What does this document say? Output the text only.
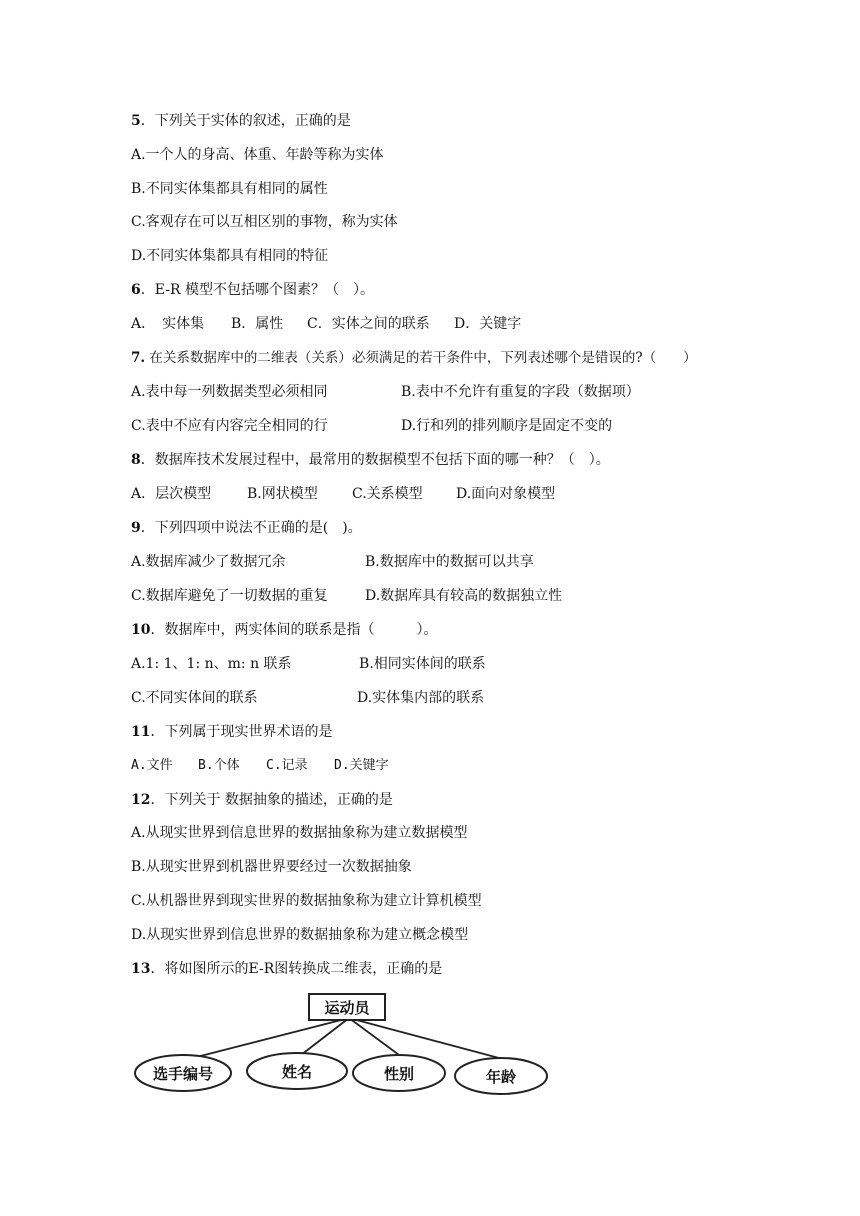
5．下列关于实体的叙述，正确的是
A.一个人的身高、体重、年龄等称为实体
B.不同实体集都具有相同的属性
C.客观存在可以互相区别的事物，称为实体
D.不同实体集都具有相同的特征
6．E-R 模型不包括哪个图素？（　）。
A．　实体集 B．属性 C．实体之间的联系 D．关键字
7. 在关系数据库中的二维表（关系）必须满足的若干条件中，下列表述哪个是错误的?（　　）
A.表中每一列数据类型必须相同	B.表中不允许有重复的字段（数据项）
C.表中不应有内容完全相同的行	D.行和列的排列顺序是固定不变的
8．数据库技术发展过程中，最常用的数据模型不包括下面的哪一种？（　）。
A．层次模型	B.网状模型 C.关系模型 D.面向对象模型
9．下列四项中说法不正确的是(　)。
A.数据库减少了数据冗余	B.数据库中的数据可以共享
C.数据库避免了一切数据的重复	D.数据库具有较高的数据独立性
10．数据库中，两实体间的联系是指（　　　）。
A.1: 1、1: n、m: n 联系	B.相同实体间的联系
C.不同实体间的联系	D.实体集内部的联系
11．下列属于现实世界术语的是
A.文件 B.个体 C.记录 D.关键字
12．下列关于 数据抽象的描述，正确的是
A.从现实世界到信息世界的数据抽象称为建立数据模型
B.从现实世界到机器世界要经过一次数据抽象
C.从机器世界到现实世界的数据抽象称为建立计算机模型
D.从现实世界到信息世界的数据抽象称为建立概念模型
13．将如图所示的E-R图转换成二维表，正确的是
运动员
选手编号	姓名	性别	年龄
